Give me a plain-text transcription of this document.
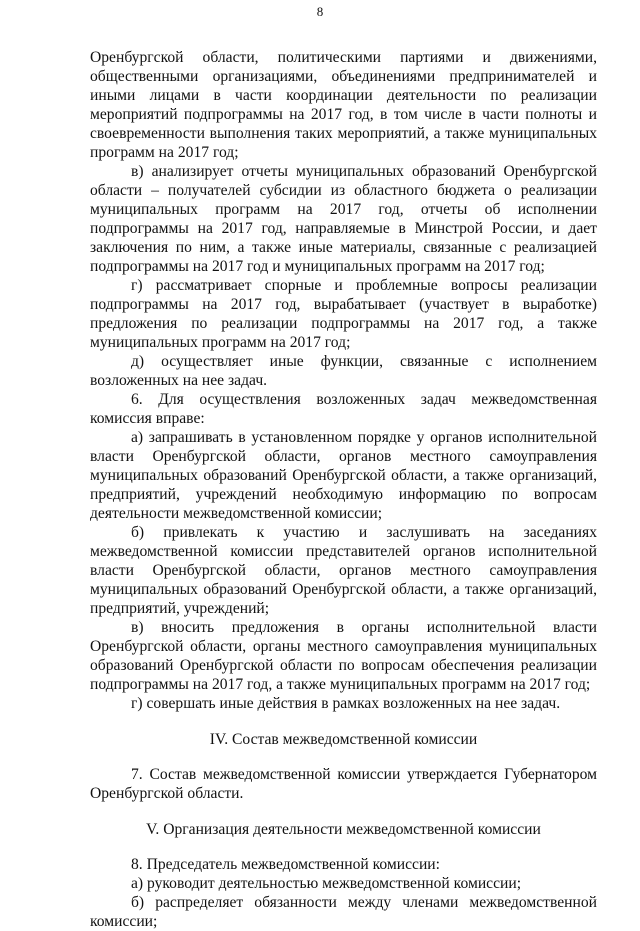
8

Оренбургской области, политическими партиями и движениями, общественными организациями, объединениями предпринимателей и иными лицами в части координации деятельности по реализации мероприятий подпрограммы на 2017 год, в том числе в части полноты и своевременности выполнения таких мероприятий, а также муниципальных программ на 2017 год;

в) анализирует отчеты муниципальных образований Оренбургской области – получателей субсидии из областного бюджета о реализации муниципальных программ на 2017 год, отчеты об исполнении подпрограммы на 2017 год, направляемые в Минстрой России, и дает заключения по ним, а также иные материалы, связанные с реализацией подпрограммы на 2017 год и муниципальных программ на 2017 год;

г) рассматривает спорные и проблемные вопросы реализации подпрограммы на 2017 год, вырабатывает (участвует в выработке) предложения по реализации подпрограммы на 2017 год, а также муниципальных программ на 2017 год;

д) осуществляет иные функции, связанные с исполнением возложенных на нее задач.

6. Для осуществления возложенных задач межведомственная комиссия вправе:

а) запрашивать в установленном порядке у органов исполнительной власти Оренбургской области, органов местного самоуправления муниципальных образований Оренбургской области, а также организаций, предприятий, учреждений необходимую информацию по вопросам деятельности межведомственной комиссии;

б) привлекать к участию и заслушивать на заседаниях межведомственной комиссии представителей органов исполнительной власти Оренбургской области, органов местного самоуправления муниципальных образований Оренбургской области, а также организаций, предприятий, учреждений;

в) вносить предложения в органы исполнительной власти Оренбургской области, органы местного самоуправления муниципальных образований Оренбургской области по вопросам обеспечения реализации подпрограммы на 2017 год, а также муниципальных программ на 2017 год;

г) совершать иные действия в рамках возложенных на нее задач.

IV. Состав межведомственной комиссии

7. Состав межведомственной комиссии утверждается Губернатором Оренбургской области.

V. Организация деятельности межведомственной комиссии

8. Председатель межведомственной комиссии:

а) руководит деятельностью межведомственной комиссии;

б) распределяет обязанности между членами межведомственной комиссии;
